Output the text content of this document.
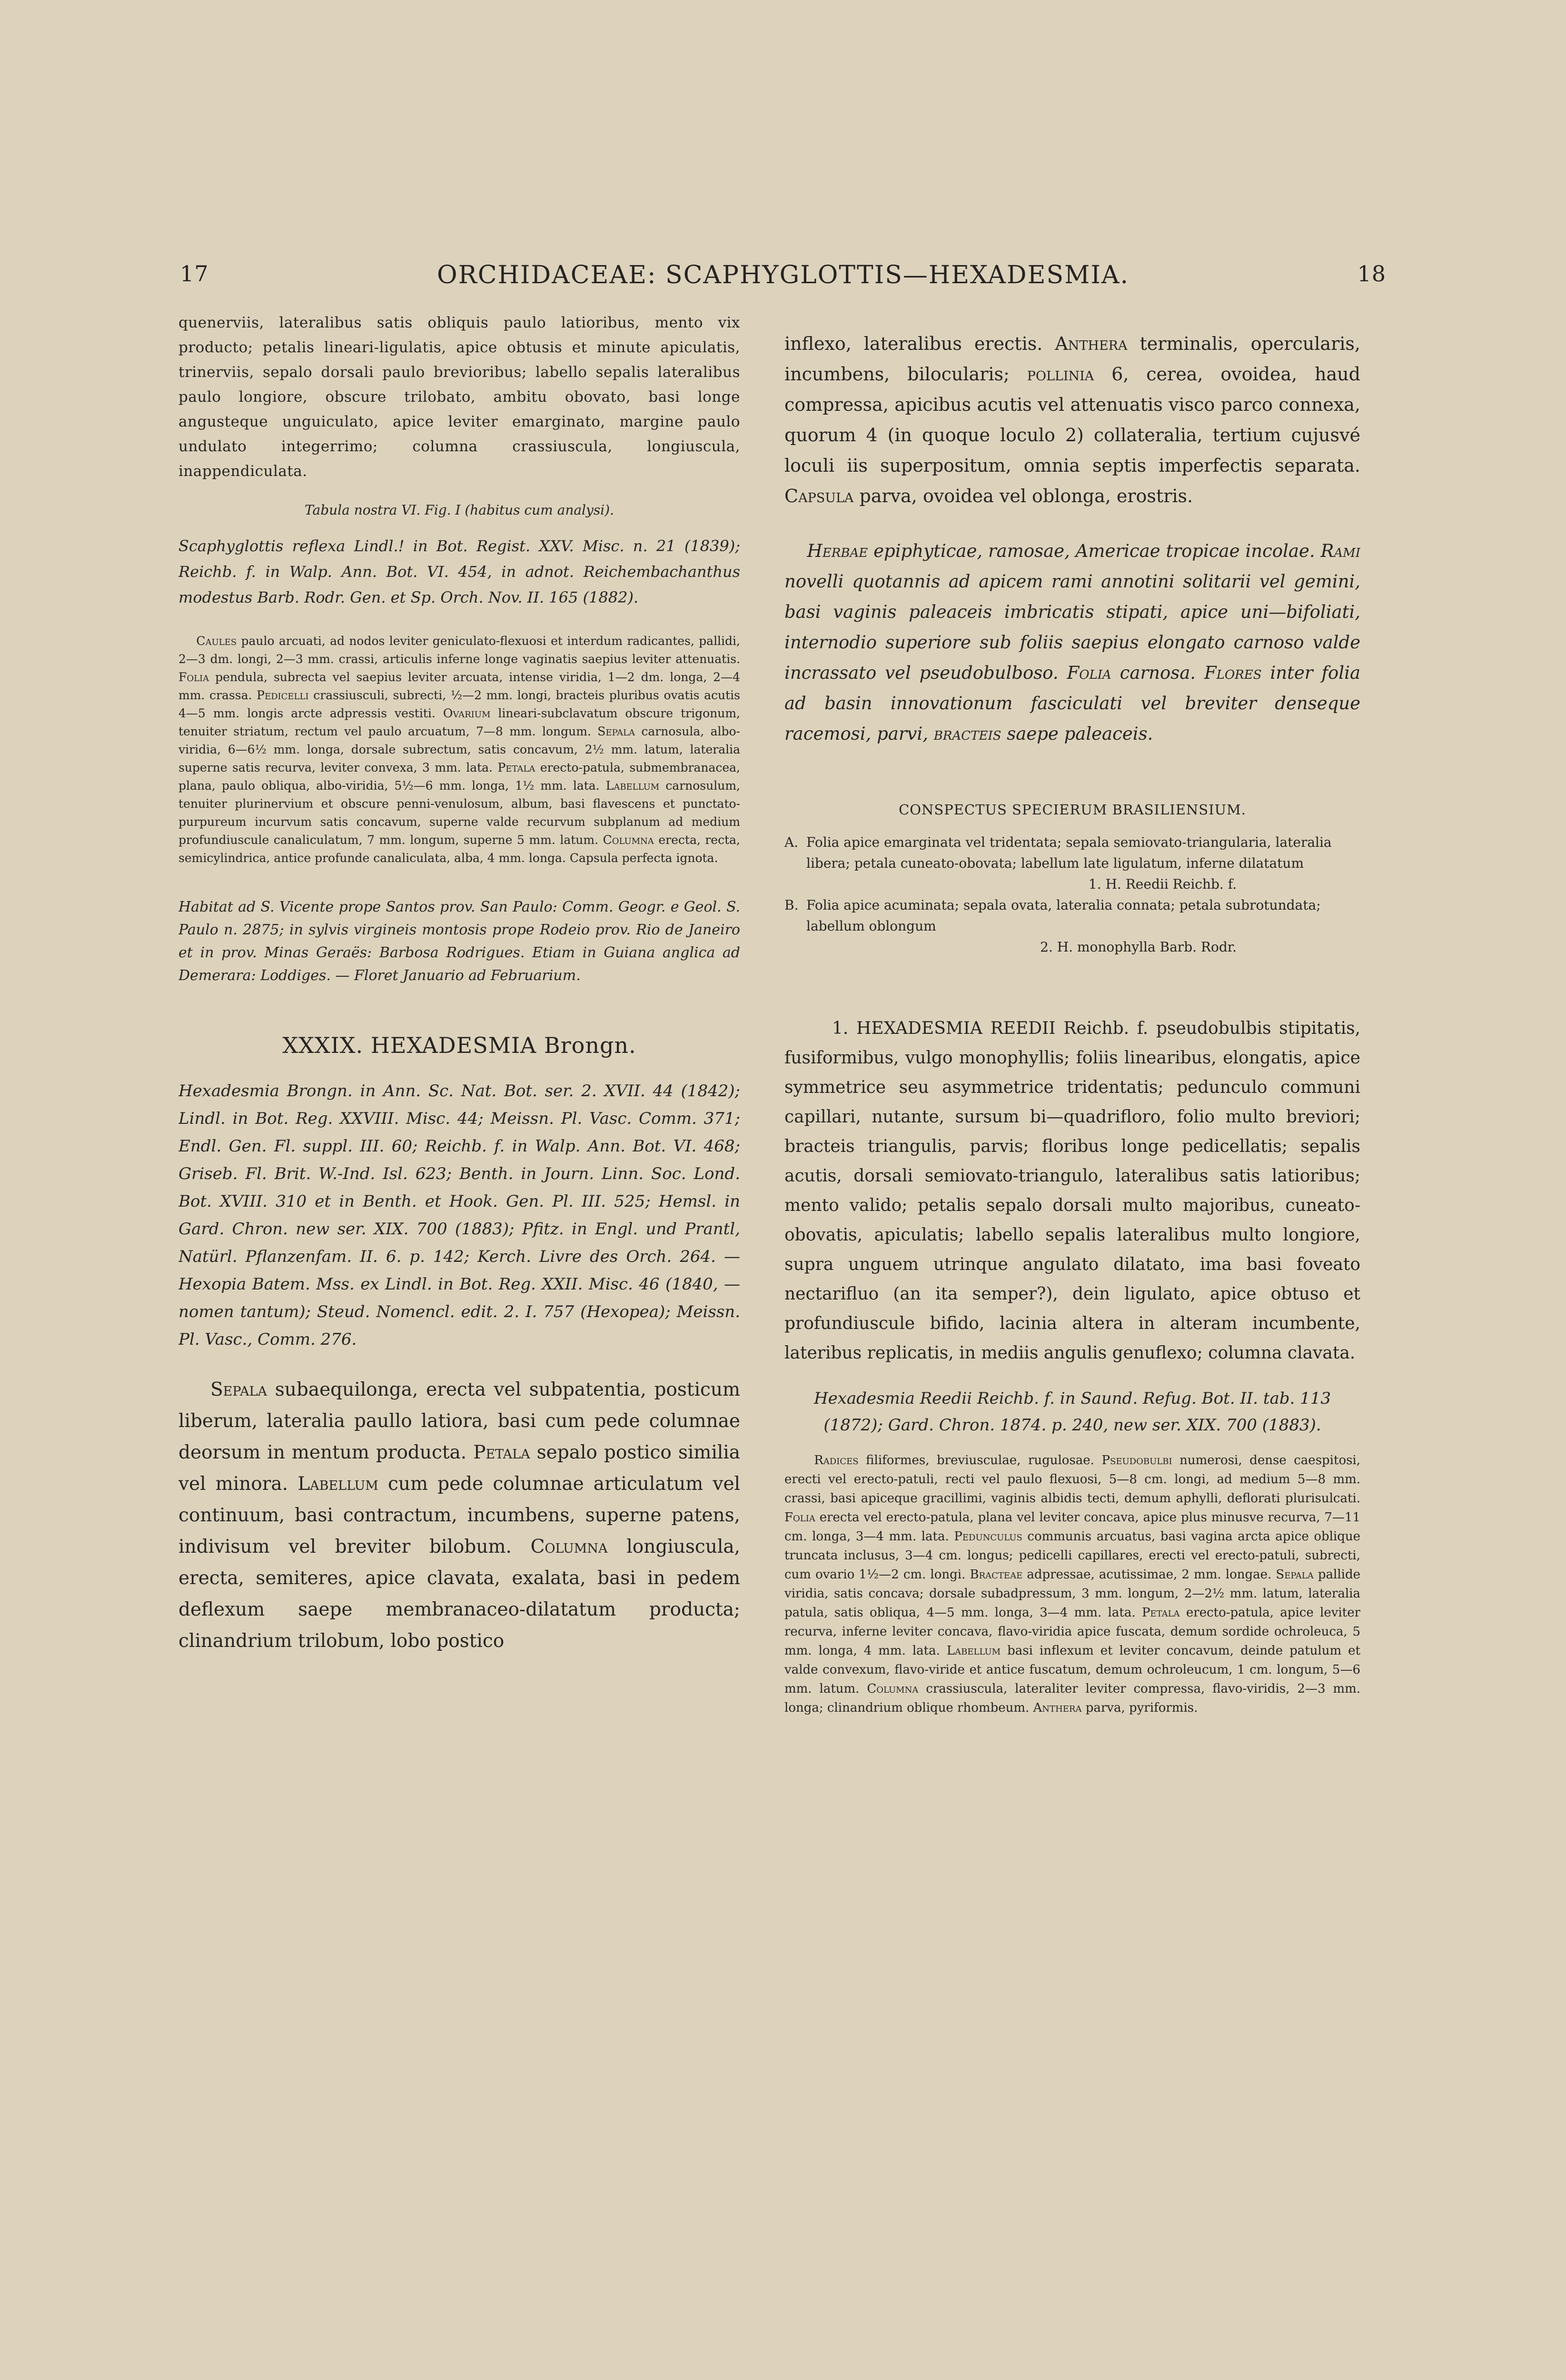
17	ORCHIDACEAE: SCAPHYGLOTTIS—HEXADESMIA.	18

quenerviis, lateralibus satis obliquis paulo latioribus, mento vix producto; petalis lineari-ligulatis, apice obtusis et minute apiculatis, trinerviis, sepalo dorsali paulo brevioribus; labello sepalis lateralibus paulo longiore, obscure trilobato, ambitu obovato, basi longe angusteque unguiculato, apice leviter emarginato, margine paulo undulato integerrimo; columna crassiuscula, longiuscula, inappendiculata.

Tabula nostra VI. Fig. I (habitus cum analysi).

Scaphyglottis reflexa Lindl.! in Bot. Regist. XXV. Misc. n. 21 (1839); Reichb. f. in Walp. Ann. Bot. VI. 454, in adnot. Reichembachanthus modestus Barb. Rodr. Gen. et Sp. Orch. Nov. II. 165 (1882).

Caules paulo arcuati, ad nodos leviter geniculato-flexuosi et interdum radicantes, pallidi, 2—3 dm. longi, 2—3 mm. crassi, articulis inferne longe vaginatis saepius leviter attenuatis. Folia pendula, subrecta vel saepius leviter arcuata, intense viridia, 1—2 dm. longa, 2—4 mm. crassa. Pedicelli crassiusculi, subrecti, ½—2 mm. longi, bracteis pluribus ovatis acutis 4—5 mm. longis arcte adpressis vestiti. Ovarium lineari-subclavatum obscure trigonum, tenuiter striatum, rectum vel paulo arcuatum, 7—8 mm. longum. Sepala carnosula, albo-viridia, 6—6½ mm. longa, dorsale subrectum, satis concavum, 2½ mm. latum, lateralia superne satis recurva, leviter convexa, 3 mm. lata. Petala erecto-patula, submembranacea, plana, paulo obliqua, albo-viridia, 5½—6 mm. longa, 1½ mm. lata. Labellum carnosulum, tenuiter plurinervium et obscure penni-venulosum, album, basi flavescens et punctato-purpureum incurvum satis concavum, superne valde recurvum subplanum ad medium profundiuscule canaliculatum, 7 mm. longum, superne 5 mm. latum. Columna erecta, recta, semicylindrica, antice profunde canaliculata, alba, 4 mm. longa. Capsula perfecta ignota.

Habitat ad S. Vicente prope Santos prov. San Paulo: Comm. Geogr. e Geol. S. Paulo n. 2875; in sylvis virgineis montosis prope Rodeio prov. Rio de Janeiro et in prov. Minas Geraës: Barbosa Rodrigues. Etiam in Guiana anglica ad Demerara: Loddiges. — Floret Januario ad Februarium.

XXXIX. HEXADESMIA Brongn.

Hexadesmia Brongn. in Ann. Sc. Nat. Bot. ser. 2. XVII. 44 (1842); Lindl. in Bot. Reg. XXVIII. Misc. 44; Meissn. Pl. Vasc. Comm. 371; Endl. Gen. Fl. suppl. III. 60; Reichb. f. in Walp. Ann. Bot. VI. 468; Griseb. Fl. Brit. W.-Ind. Isl. 623; Benth. in Journ. Linn. Soc. Lond. Bot. XVIII. 310 et in Benth. et Hook. Gen. Pl. III. 525; Hemsl. in Gard. Chron. new ser. XIX. 700 (1883); Pfitz. in Engl. und Prantl, Natürl. Pflanzenfam. II. 6. p. 142; Kerch. Livre des Orch. 264. — Hexopia Batem. Mss. ex Lindl. in Bot. Reg. XXII. Misc. 46 (1840, — nomen tantum); Steud. Nomencl. edit. 2. I. 757 (Hexopea); Meissn. Pl. Vasc., Comm. 276.

Sepala subaequilonga, erecta vel subpatentia, posticum liberum, lateralia paullo latiora, basi cum pede columnae deorsum in mentum producta. Petala sepalo postico similia vel minora. Labellum cum pede columnae articulatum vel continuum, basi contractum, incumbens, superne patens, indivisum vel breviter bilobum. Columna longiuscula, erecta, semiteres, apice clavata, exalata, basi in pedem deflexum saepe membranaceo-dilatatum producta; clinandrium trilobum, lobo postico

inflexo, lateralibus erectis. Anthera terminalis, opercularis, incumbens, bilocularis; pollinia 6, cerea, ovoidea, haud compressa, apicibus acutis vel attenuatis visco parco connexa, quorum 4 (in quoque loculo 2) collateralia, tertium cujusvé loculi iis superpositum, omnia septis imperfectis separata. Capsula parva, ovoidea vel oblonga, erostris.

Herbae epiphyticae, ramosae, Americae tropicae incolae. Rami novelli quotannis ad apicem rami annotini solitarii vel gemini, basi vaginis paleaceis imbricatis stipati, apice uni—bifoliati, internodio superiore sub foliis saepius elongato carnoso valde incrassato vel pseudobulboso. Folia carnosa. Flores inter folia ad basin innovationum fasciculati vel breviter denseque racemosi, parvi, bracteis saepe paleaceis.

CONSPECTUS SPECIERUM BRASILIENSIUM.
A. Folia apice emarginata vel tridentata; sepala semiovato-triangularia, lateralia libera; petala cuneato-obovata; labellum late ligulatum, inferne dilatatum
1. H. Reedii Reichb. f.
B. Folia apice acuminata; sepala ovata, lateralia connata; petala subrotundata; labellum oblongum
2. H. monophylla Barb. Rodr.

1. HEXADESMIA REEDII Reichb. f. pseudobulbis stipitatis, fusiformibus, vulgo monophyllis; foliis linearibus, elongatis, apice symmetrice seu asymmetrice tridentatis; pedunculo communi capillari, nutante, sursum bi—quadrifloro, folio multo breviori; bracteis triangulis, parvis; floribus longe pedicellatis; sepalis acutis, dorsali semiovato-triangulo, lateralibus satis latioribus; mento valido; petalis sepalo dorsali multo majoribus, cuneato-obovatis, apiculatis; labello sepalis lateralibus multo longiore, supra unguem utrinque angulato dilatato, ima basi foveato nectarifluo (an ita semper?), dein ligulato, apice obtuso et profundiuscule bifido, lacinia altera in alteram incumbente, lateribus replicatis, in mediis angulis genuflexo; columna clavata.

Hexadesmia Reedii Reichb. f. in Saund. Refug. Bot. II. tab. 113 (1872); Gard. Chron. 1874. p. 240, new ser. XIX. 700 (1883).

Radices filiformes, breviusculae, rugulosae. Pseudobulbi numerosi, dense caespitosi, erecti vel erecto-patuli, recti vel paulo flexuosi, 5—8 cm. longi, ad medium 5—8 mm. crassi, basi apiceque gracillimi, vaginis albidis tecti, demum aphylli, deflorati plurisulcati. Folia erecta vel erecto-patula, plana vel leviter concava, apice plus minusve recurva, 7—11 cm. longa, 3—4 mm. lata. Pedunculus communis arcuatus, basi vagina arcta apice oblique truncata inclusus, 3—4 cm. longus; pedicelli capillares, erecti vel erecto-patuli, subrecti, cum ovario 1½—2 cm. longi. Bracteae adpressae, acutissimae, 2 mm. longae. Sepala pallide viridia, satis concava; dorsale subadpressum, 3 mm. longum, 2—2½ mm. latum, lateralia patula, satis obliqua, 4—5 mm. longa, 3—4 mm. lata. Petala erecto-patula, apice leviter recurva, inferne leviter concava, flavo-viridia apice fuscata, demum sordide ochroleuca, 5 mm. longa, 4 mm. lata. Labellum basi inflexum et leviter concavum, deinde patulum et valde convexum, flavo-viride et antice fuscatum, demum ochroleucum, 1 cm. longum, 5—6 mm. latum. Columna crassiuscula, lateraliter leviter compressa, flavo-viridis, 2—3 mm. longa; clinandrium oblique rhombeum. Anthera parva, pyriformis.
